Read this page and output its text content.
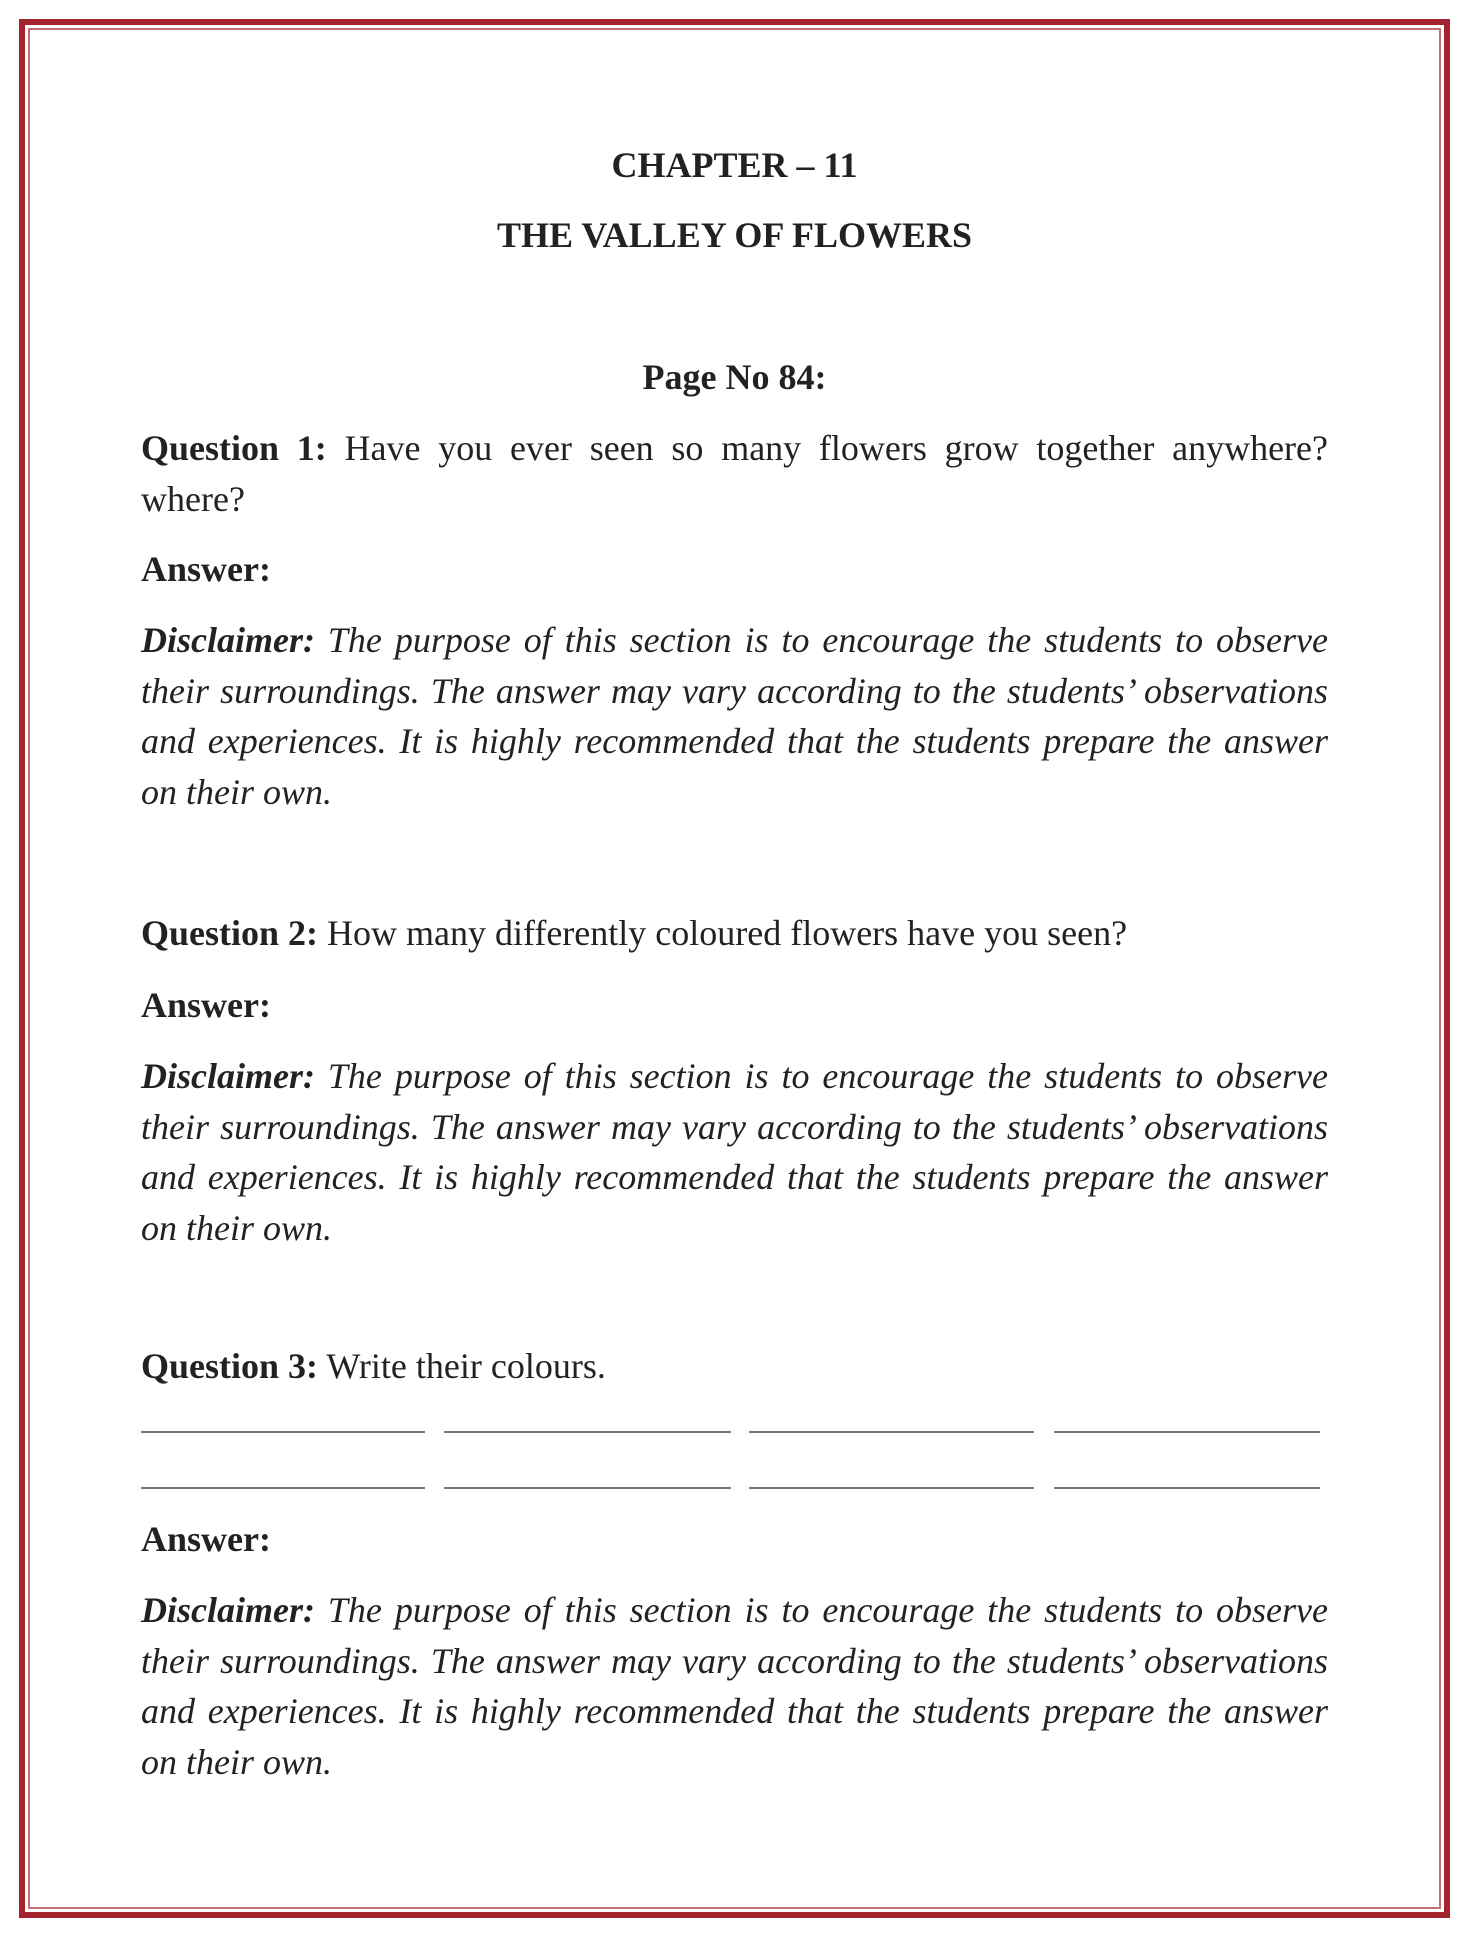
CHAPTER – 11
THE VALLEY OF FLOWERS
Page No 84:
Question 1: Have you ever seen so many flowers grow together anywhere? where?
Answer:
Disclaimer: The purpose of this section is to encourage the students to observe their surroundings. The answer may vary according to the students’ observations and experiences. It is highly recommended that the students prepare the answer on their own.
Question 2: How many differently coloured flowers have you seen?
Answer:
Disclaimer: The purpose of this section is to encourage the students to observe their surroundings. The answer may vary according to the students’ observations and experiences. It is highly recommended that the students prepare the answer on their own.
Question 3: Write their colours.
Answer:
Disclaimer: The purpose of this section is to encourage the students to observe their surroundings. The answer may vary according to the students’ observations and experiences. It is highly recommended that the students prepare the answer on their own.
